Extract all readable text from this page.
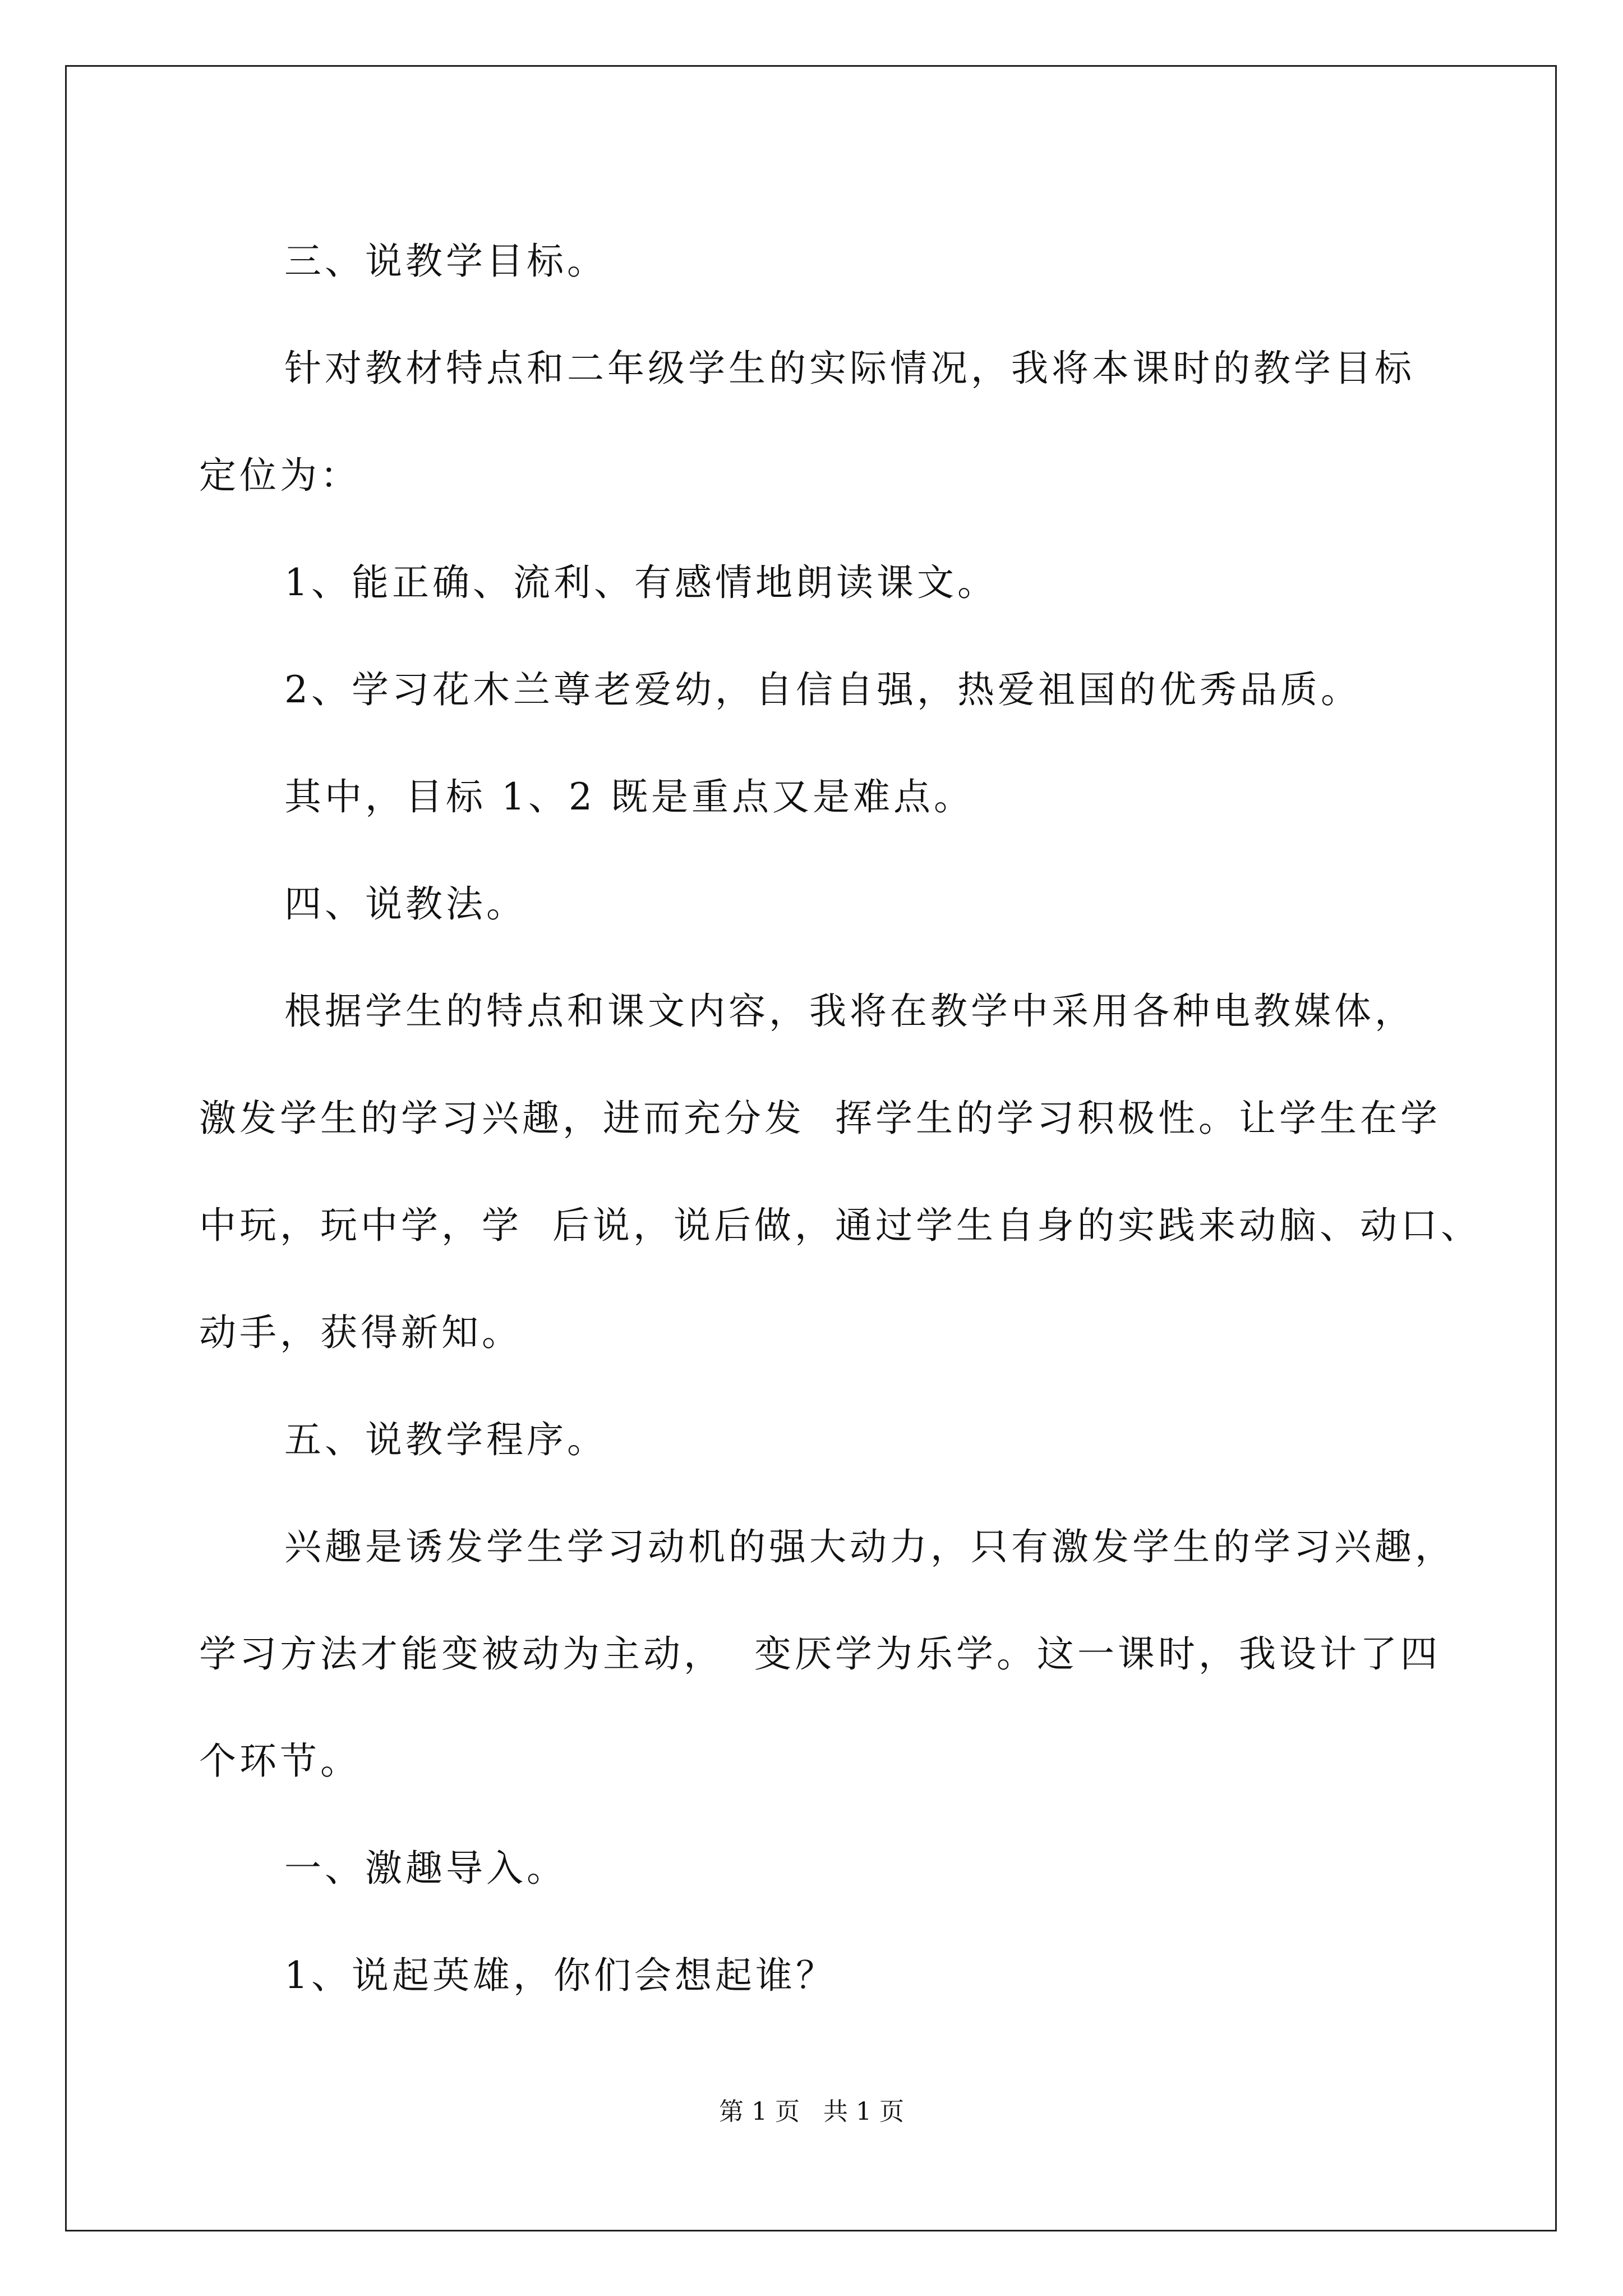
三、说教学目标。

针对教材特点和二年级学生的实际情况，我将本课时的教学目标

定位为：

1、能正确、流利、有感情地朗读课文。

2、学习花木兰尊老爱幼，自信自强，热爱祖国的优秀品质。

其中，目标 1、2 既是重点又是难点。

四、说教法。

根据学生的特点和课文内容，我将在教学中采用各种电教媒体，

激发学生的学习兴趣，进而充分发  挥学生的学习积极性。让学生在学

中玩，玩中学，学  后说，说后做，通过学生自身的实践来动脑、动口、

动手，获得新知。

五、说教学程序。

兴趣是诱发学生学习动机的强大动力，只有激发学生的学习兴趣，

学习方法才能变被动为主动，  变厌学为乐学。这一课时，我设计了四

个环节。

一、激趣导入。

1、说起英雄，你们会想起谁？

第 1 页   共 1 页
